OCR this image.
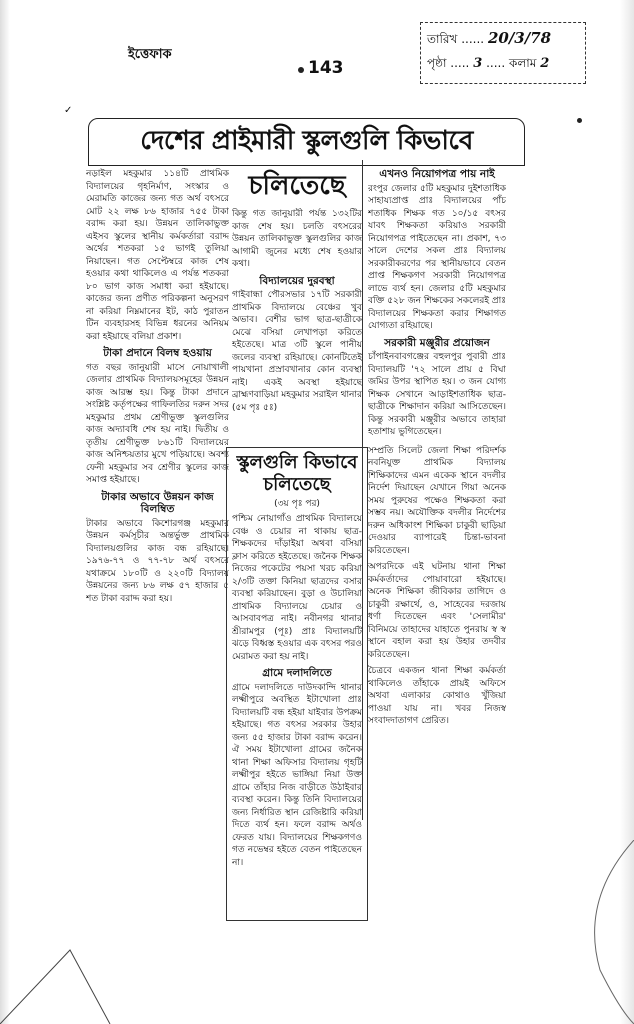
তারিখ ...... 20/3/78
পৃষ্ঠা ..... 3 ..... কলাম 2
ইত্তেফাক
143
✓
দেশের প্রাইমারী স্কুলগুলি কিভাবে
চলিতেছে

নড়াইল মহকুমার ১১৪টি প্রাথমিক বিদ্যালয়ের গৃহনির্মাণ, সংস্কার ও মেরামতি কাজের জন্য গত অর্থ বৎসরে মোট ২২ লক্ষ ৮৬ হাজার ৭৫৫ টাকা বরাদ্দ করা হয়। উন্নয়ন তালিকাভুক্ত এইসব স্কুলের স্থানীয় কর্মকর্তারা বরাদ্দ অর্থের শতকরা ১৫ ভাগই তুলিয়া নিয়াছেন। গত সেপ্টেম্বরে কাজ শেষ হওয়ার কথা থাকিলেও এ পর্যন্ত শতকরা ৮০ ভাগ কাজ সমাধা করা হইয়াছে। কাজের জন্য প্রণীত পরিকল্পনা অনুসরণ না করিয়া নিম্নমানের ইট, কাঠ পুরাতন টিন ব্যবহারসহ বিভিন্ন ধরনের অনিয়ম করা হইয়াছে বলিয়া প্রকাশ।

টাকা প্রদানে বিলম্ব হওয়ায়

গত বছর জানুয়ারী মাসে নোয়াখালী জেলার প্রাথমিক বিদ্যালয়সমূহের উন্নয়ন কাজ আরম্ভ হয়। কিন্তু টাকা প্রদানে সংশ্লিষ্ট কর্তৃপক্ষের গাফিলতির দরুন সদর মহকুমার প্রথম শ্রেণীভুক্ত স্কুলগুলির কাজ অদ্যাবধি শেষ হয় নাই। দ্বিতীয় ও তৃতীয় শ্রেণীভুক্ত ৮৬১টি বিদ্যালয়ের কাজ অনিশ্চয়তার মুখে পড়িয়াছে। অবশ্য ফেনী মহকুমার সব শ্রেণীর স্কুলের কাজ সমাপ্ত হইয়াছে।

টাকার অভাবে উন্নয়ন কাজ বিলম্বিত

টাকার অভাবে কিশোরগঞ্জ মহকুমার উন্নয়ন কর্মসূচীর অন্তর্ভুক্ত প্রাথমিক বিদ্যালয়গুলির কাজ বন্ধ রহিয়াছে। ১৯৭৬-৭৭ ও ৭৭-৭৮ অর্থ বৎসরে যথাক্রমে ১৮০টি ও ২২০টি বিদ্যালয় উন্নয়নের জন্য ৮৬ লক্ষ ৫৭ হাজার ৫ শত টাকা বরাদ্দ করা হয়।

কিন্তু গত জানুয়ারী পর্যন্ত ১৩২টির কাজ শেষ হয়। চলতি বৎসরের উন্নয়ন তালিকাভুক্ত স্কুলগুলির কাজ আগামী জুনের মধ্যে শেষ হওয়ার কথা।

বিদ্যালয়ের দুরবস্থা

গাইবান্ধা পৌরসভার ১৭টি সরকারী প্রাথমিক বিদ্যালয়ে বেঞ্চের খুব অভাব। বেশীর ভাগ ছাত্র-ছাত্রীকে মেঝে বসিয়া লেখাপড়া করিতে হইতেছে। মাত্র ৩টি স্কুলে পানীয় জলের ব্যবস্থা রহিয়াছে। কোনটিতেই পায়খানা প্রস্রাবখানার কোন ব্যবস্থা নাই। একই অবস্থা হইয়াছে ব্রাহ্মণবাড়িয়া মহকুমার সরাইল থানার (৫ম পৃঃ ৫ঃ)

স্কুলগুলি কিভাবে
চলিতেছে
(৩য় পৃঃ পর)

পশ্চিম নোয়াগাঁও প্রাথমিক বিদ্যালয়ে বেঞ্চ ও চেয়ার না থাকায় ছাত্র-শিক্ষকদের দাঁড়াইয়া অথবা বসিয়া ক্লাস করিতে হইতেছে। জনৈক শিক্ষক নিজের পকেটের পয়সা খরচ করিয়া ২/৩টি তক্তা কিনিয়া ছাত্রদের বসার ব্যবস্থা করিয়াছেন। বুড়া ও উচালিয়া প্রাথমিক বিদ্যালয়ে চেয়ার ও আসবাবপত্র নাই। নবীনগর থানার শ্রীরামপুর (পূঃ) প্রাঃ বিদ্যালয়টি ঝড়ে বিধ্বস্ত হওয়ার এক বৎসর পরও মেরামত করা হয় নাই।

গ্রামে দলাদলিতে

গ্রামে দলাদলিতে দাউদকান্দি থানার লক্ষ্মীপুরে অবস্থিত ইটাখোলা প্রাঃ বিদ্যালয়টি বন্ধ হইয়া যাইবার উপক্রম হইয়াছে। গত বৎসর সরকার উহার জন্য ৫৫ হাজার টাকা বরাদ্দ করেন। ঐ সময় ইটাখোলা গ্রামের জনৈক থানা শিক্ষা অফিসার বিদ্যালয় গৃহটি লক্ষ্মীপুর হইতে ভাঙ্গিয়া নিয়া উক্ত গ্রামে তাঁহার নিজ বাড়ীতে উঠাইবার ব্যবস্থা করেন। কিন্তু তিনি বিদ্যালয়ের জন্য নির্ধারিত স্থান রেজিষ্টারি করিয়া দিতে ব্যর্থ হন। ফলে বরাদ্দ অর্থও ফেরত যায়। বিদ্যালয়ের শিক্ষকগণও গত নভেম্বর হইতে বেতন পাইতেছেন না।

এখনও নিয়োগপত্র পায় নাই

রংপুর জেলার ৫টি মহকুমার দুইশতাধিক সাহায্যপ্রাপ্ত প্রাঃ বিদ্যালয়ের পাঁচ শতাধিক শিক্ষক গত ১০/১৫ বৎসর যাবৎ শিক্ষকতা করিয়াও সরকারী নিয়োগপত্র পাইতেছেন না। প্রকাশ, ৭৩ সালে দেশের সকল প্রাঃ বিদ্যালয় সরকারীকরণের পর স্থানীয়ভাবে বেতন প্রাপ্ত শিক্ষকগণ সরকারী নিয়োগপত্র লাভে ব্যর্থ হন। জেলার ৫টি মহকুমার বক্তি ৫২৮ জন শিক্ষকের সকলেরই প্রাঃ বিদ্যালয়ের শিক্ষকতা করার শিক্ষাগত যোগ্যতা রহিয়াছে।

সরকারী মঞ্জুরীর প্রয়োজন

চাঁপাইনবাবগঞ্জের বহুলপুর পুবারী প্রাঃ বিদ্যালয়টি '৭২ সালে প্রায় ৫ বিঘা জমির উপর স্থাপিত হয়। ৩ জন যোগ্য শিক্ষক সেখানে আড়াইশতাধিক ছাত্র-ছাত্রীকে শিক্ষাদান করিয়া আসিতেছেন। কিন্তু সরকারী মঞ্জুরীর অভাবে তাহারা হতাশায় ভুগিতেছেন।

সম্প্রতি সিলেট জেলা শিক্ষা পরিদর্শক নবনিযুক্ত প্রাথমিক বিদ্যালয় শিক্ষিকাদের এমন একেক স্থানে বদলীর নির্দেশ দিয়াছেন যেখানে গিয়া অনেক সময় পুরুষের পক্ষেও শিক্ষকতা করা সম্ভব নয়। অযৌক্তিক বদলীর নির্দেশের দরুন অধিকাংশ শিক্ষিকা চাকুরী ছাড়িয়া দেওয়ার ব্যাপারেই চিন্তা-ভাবনা করিতেছেন।

অপরদিকে এই ঘটনায় থানা শিক্ষা কর্মকর্তাদের পোয়াবারো হইয়াছে। অনেক শিক্ষিকা জীবিকার তাগিদে ও চাকুরী রক্ষার্থে, ও, সাহেবের দরজায় ধর্ণা দিতেছেন এবং 'সেলামীর' বিনিময়ে তাহাদের যাহাতে পুনরায় স্ব স্ব স্থানে বহাল করা হয় উহার তদবীর করিতেছেন।

চৈত্রবে একজন থানা শিক্ষা কর্মকর্তা থাকিলেও তাঁহাকে প্রায়ই অফিসে অথবা এলাকার কোথাও খুঁজিয়া পাওয়া যায় না। খবর নিজস্ব সংবাদদাতাগণ প্রেরিত।
